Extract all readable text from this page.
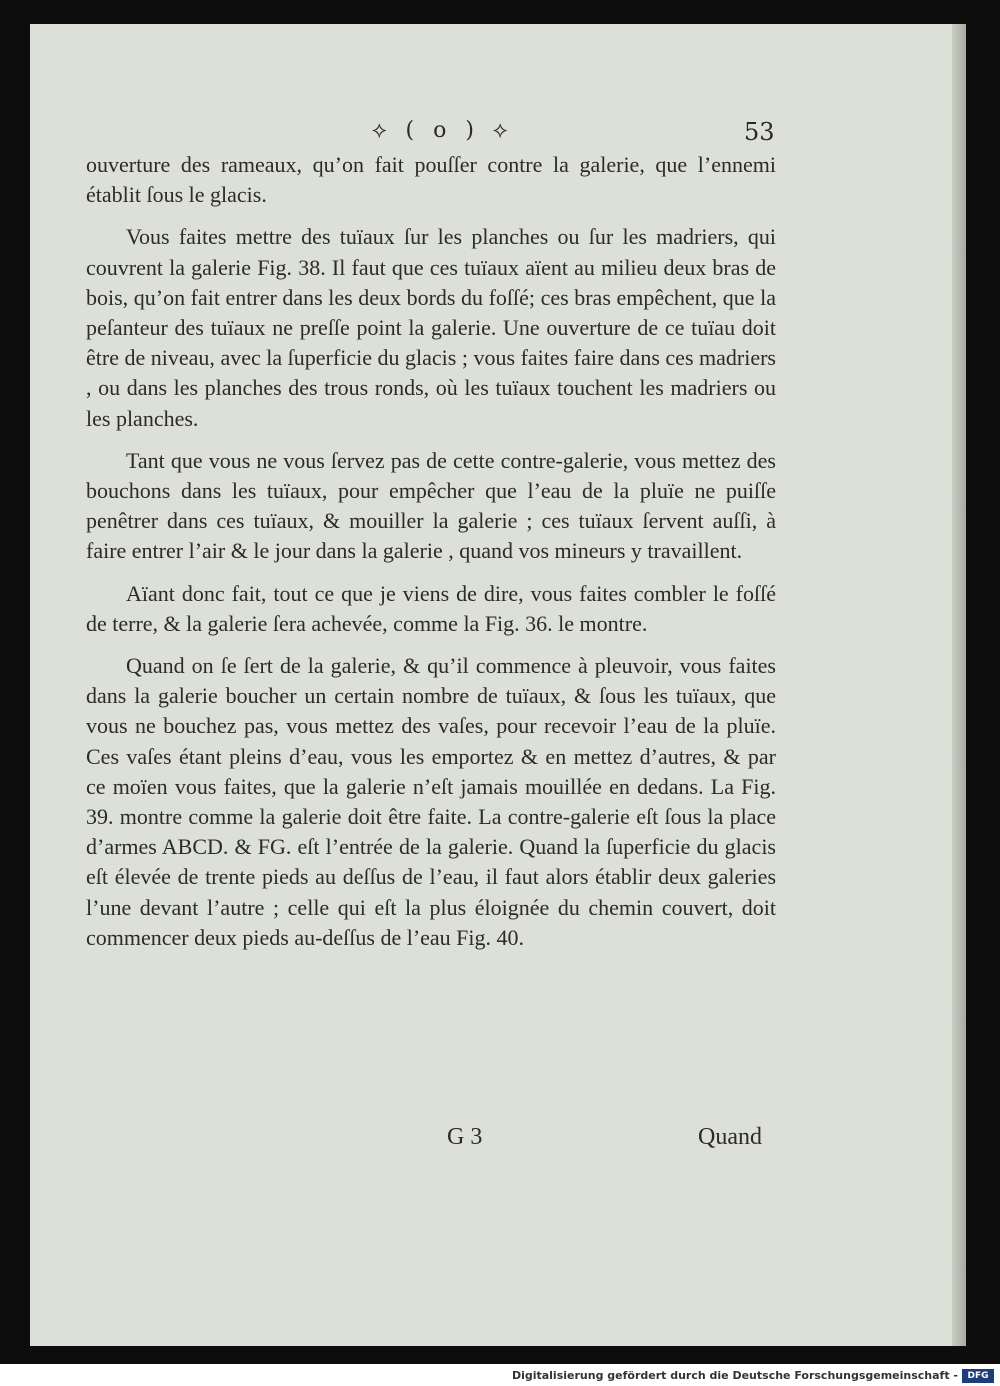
⟡ ( o ) ⟡	53

ouverture des rameaux, qu’on fait pouſſer contre la galerie, que l’ennemi établit ſous le glacis.

Vous faites mettre des tuïaux ſur les planches ou ſur les madriers, qui couvrent la galerie Fig. 38. Il faut que ces tuïaux aïent au milieu deux bras de bois, qu’on fait entrer dans les deux bords du foſſé; ces bras empêchent, que la peſanteur des tuïaux ne preſſe point la galerie. Une ouverture de ce tuïau doit être de niveau, avec la ſuperficie du glacis ; vous faites faire dans ces madriers , ou dans les planches des trous ronds, où les tuïaux touchent les madriers ou les planches.

Tant que vous ne vous ſervez pas de cette contre-galerie, vous mettez des bouchons dans les tuïaux, pour empêcher que l’eau de la pluïe ne puiſſe penêtrer dans ces tuïaux, & mouiller la galerie ; ces tuïaux ſervent auſſi, à faire entrer l’air & le jour dans la galerie , quand vos mineurs y travaillent.

Aïant donc fait, tout ce que je viens de dire, vous faites combler le foſſé de terre, & la galerie ſera achevée, comme la Fig. 36. le montre.

Quand on ſe ſert de la galerie, & qu’il commence à pleuvoir, vous faites dans la galerie boucher un certain nombre de tuïaux, & ſous les tuïaux, que vous ne bouchez pas, vous mettez des vaſes, pour recevoir l’eau de la pluïe. Ces vaſes étant pleins d’eau, vous les emportez & en mettez d’autres, & par ce moïen vous faites, que la galerie n’eſt jamais mouillée en dedans. La Fig. 39. montre comme la galerie doit être faite. La contre-galerie eſt ſous la place d’armes ABCD. & FG. eſt l’entrée de la galerie. Quand la ſuperficie du glacis eſt élevée de trente pieds au deſſus de l’eau, il faut alors établir deux galeries l’une devant l’autre ; celle qui eſt la plus éloignée du chemin couvert, doit commencer deux pieds au-deſſus de l’eau Fig. 40.

G 3	Quand
Digitalisierung gefördert durch die Deutsche Forschungsgemeinschaft -	DFG
